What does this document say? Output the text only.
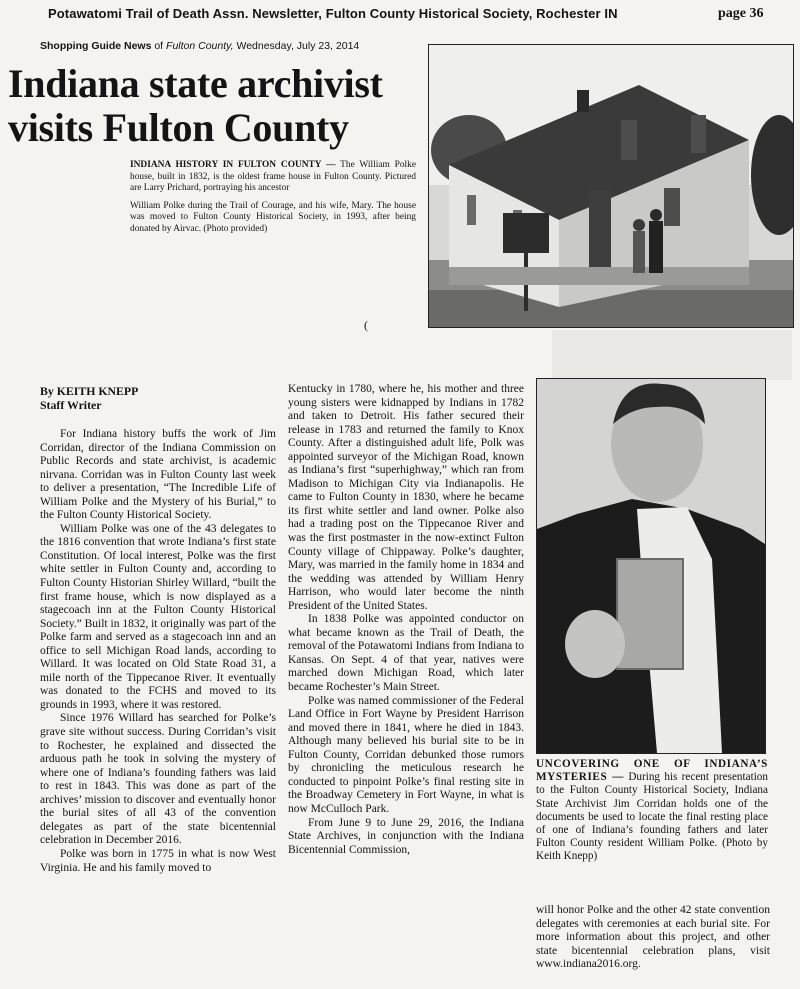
Potawatomi Trail of Death Assn. Newsletter, Fulton County Historical Society, Rochester IN	page 36
Shopping Guide News of Fulton County, Wednesday, July 23, 2014
Indiana state archivist
visits Fulton County

INDIANA HISTORY IN FULTON COUNTY — The William Polke house, built in 1832, is the oldest frame house in Fulton County. Pictured are Larry Prichard, portraying his ancestor

William Polke during the Trail of Courage, and his wife, Mary. The house was moved to Fulton County Historical Society, in 1993, after being donated by Airvac. (Photo provided)

(
By KEITH KNEPP
Staff Writer

For Indiana history buffs the work of Jim Corridan, director of the Indiana Commission on Public Records and state archivist, is academic nirvana. Corridan was in Fulton County last week to deliver a presentation, “The Incredible Life of William Polke and the Mystery of his Burial,” to the Fulton County Historical Society.

William Polke was one of the 43 delegates to the 1816 convention that wrote Indiana’s first state Constitution. Of local interest, Polke was the first white settler in Fulton County and, according to Fulton County Historian Shirley Willard, “built the first frame house, which is now displayed as a stagecoach inn at the Fulton County Historical Society.” Built in 1832, it originally was part of the Polke farm and served as a stagecoach inn and an office to sell Michigan Road lands, according to Willard. It was located on Old State Road 31, a mile north of the Tippecanoe River. It eventually was donated to the FCHS and moved to its grounds in 1993, where it was restored.

Since 1976 Willard has searched for Polke’s grave site without success. During Corridan’s visit to Rochester, he explained and dissected the arduous path he took in solving the mystery of where one of Indiana’s founding fathers was laid to rest in 1843. This was done as part of the archives’ mission to discover and eventually honor the burial sites of all 43 of the convention delegates as part of the state bicentennial celebration in December 2016.

Polke was born in 1775 in what is now West Virginia. He and his family moved to

Kentucky in 1780, where he, his mother and three young sisters were kidnapped by Indians in 1782 and taken to Detroit. His father secured their release in 1783 and returned the family to Knox County. After a distinguished adult life, Polk was appointed surveyor of the Michigan Road, known as Indiana’s first “superhighway,” which ran from Madison to Michigan City via Indianapolis. He came to Fulton County in 1830, where he became its first white settler and land owner. Polke also had a trading post on the Tippecanoe River and was the first postmaster in the now-extinct Fulton County village of Chippaway. Polke’s daughter, Mary, was married in the family home in 1834 and the wedding was attended by William Henry Harrison, who would later become the ninth President of the United States.

In 1838 Polke was appointed conductor on what became known as the Trail of Death, the removal of the Potawatomi Indians from Indiana to Kansas. On Sept. 4 of that year, natives were marched down Michigan Road, which later became Rochester’s Main Street.

Polke was named commissioner of the Federal Land Office in Fort Wayne by President Harrison and moved there in 1841, where he died in 1843. Although many believed his burial site to be in Fulton County, Corridan debunked those rumors by chronicling the meticulous research he conducted to pinpoint Polke’s final resting site in the Broadway Cemetery in Fort Wayne, in what is now McCulloch Park.

From June 9 to June 29, 2016, the Indiana State Archives, in conjunction with the Indiana Bicentennial Commission,

UNCOVERING ONE OF INDIANA’S MYSTERIES — During his recent presentation to the Fulton County Historical Society, Indiana State Archivist Jim Corridan holds one of the documents be used to locate the final resting place of one of Indiana’s founding fathers and later Fulton County resident William Polke. (Photo by Keith Knepp)

will honor Polke and the other 42 state convention delegates with ceremonies at each burial site. For more information about this project, and other state bicentennial celebration plans, visit www.indiana2016.org.
